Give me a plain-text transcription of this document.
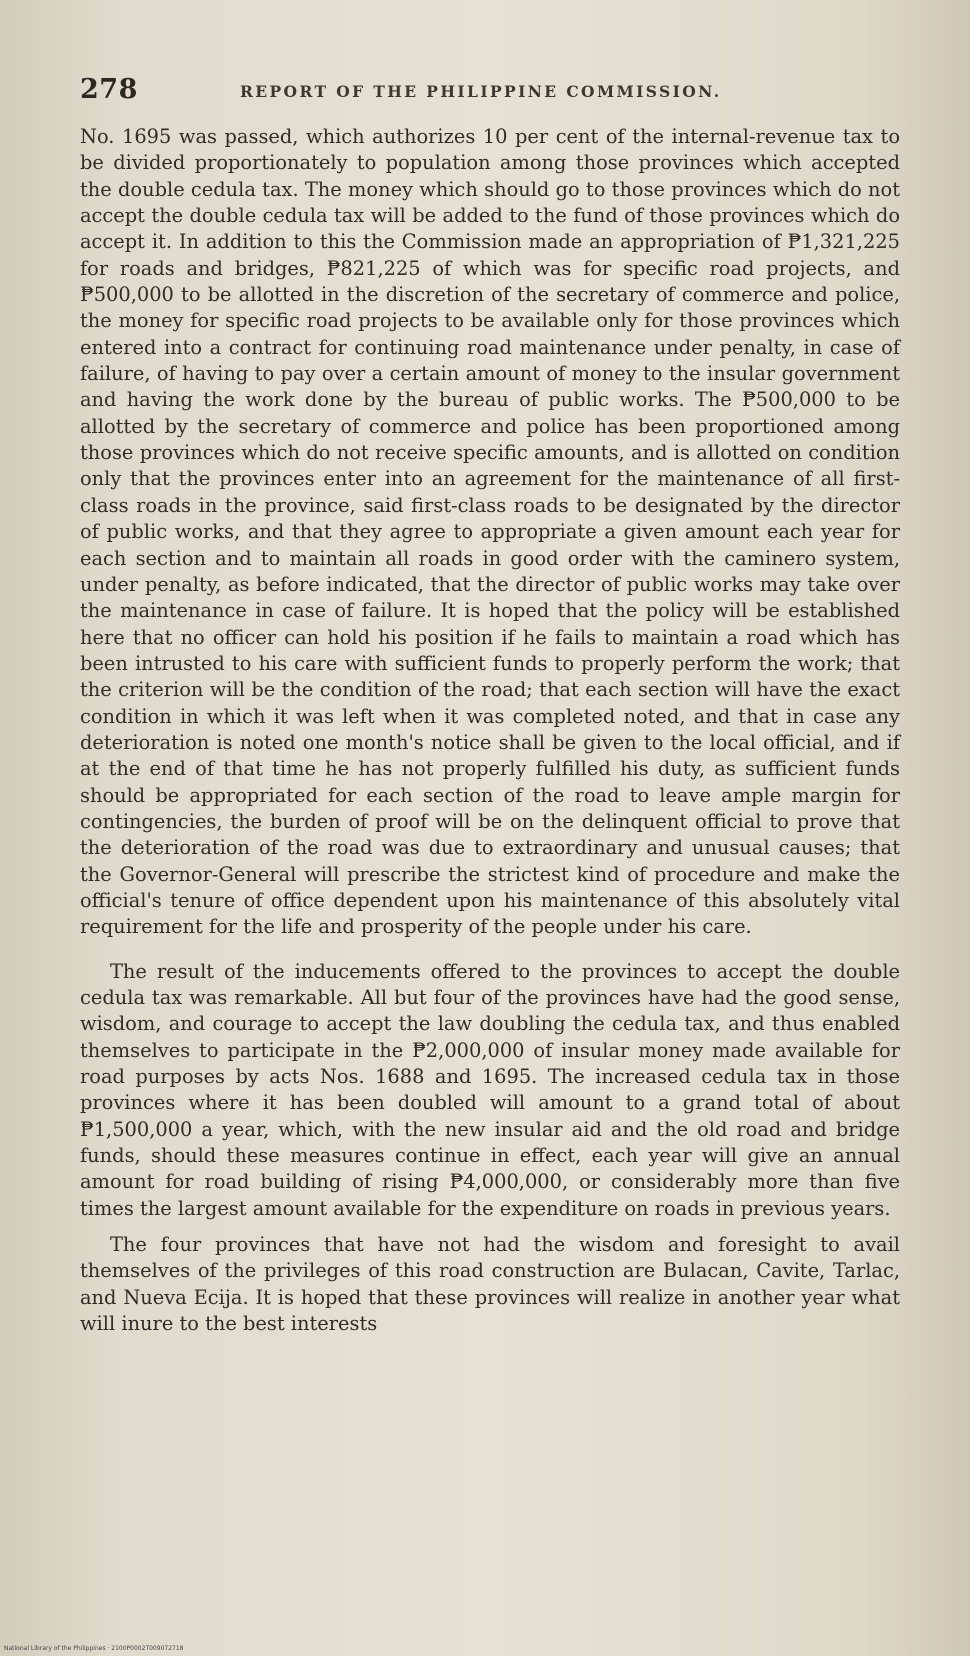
278	REPORT OF THE PHILIPPINE COMMISSION.

No. 1695 was passed, which authorizes 10 per cent of the internal-revenue tax to be divided proportionately to population among those provinces which accepted the double cedula tax. The money which should go to those provinces which do not accept the double cedula tax will be added to the fund of those provinces which do accept it. In addition to this the Commission made an appropriation of ₱1,321,225 for roads and bridges, ₱821,225 of which was for specific road projects, and ₱500,000 to be allotted in the discretion of the secretary of commerce and police, the money for specific road projects to be available only for those provinces which entered into a contract for continuing road maintenance under penalty, in case of failure, of having to pay over a certain amount of money to the insular government and having the work done by the bureau of public works. The ₱500,000 to be allotted by the secretary of commerce and police has been proportioned among those provinces which do not receive specific amounts, and is allotted on condition only that the provinces enter into an agreement for the maintenance of all first-class roads in the province, said first-class roads to be designated by the director of public works, and that they agree to appropriate a given amount each year for each section and to maintain all roads in good order with the caminero system, under penalty, as before indicated, that the director of public works may take over the maintenance in case of failure. It is hoped that the policy will be established here that no officer can hold his position if he fails to maintain a road which has been intrusted to his care with sufficient funds to properly perform the work; that the criterion will be the condition of the road; that each section will have the exact condition in which it was left when it was completed noted, and that in case any deterioration is noted one month's notice shall be given to the local official, and if at the end of that time he has not properly fulfilled his duty, as sufficient funds should be appropriated for each section of the road to leave ample margin for contingencies, the burden of proof will be on the delinquent official to prove that the deterioration of the road was due to extraordinary and unusual causes; that the Governor-General will prescribe the strictest kind of procedure and make the official's tenure of office dependent upon his maintenance of this absolutely vital requirement for the life and prosperity of the people under his care.

The result of the inducements offered to the provinces to accept the double cedula tax was remarkable. All but four of the provinces have had the good sense, wisdom, and courage to accept the law doubling the cedula tax, and thus enabled themselves to participate in the ₱2,000,000 of insular money made available for road purposes by acts Nos. 1688 and 1695. The increased cedula tax in those provinces where it has been doubled will amount to a grand total of about ₱1,500,000 a year, which, with the new insular aid and the old road and bridge funds, should these measures continue in effect, each year will give an annual amount for road building of rising ₱4,000,000, or considerably more than five times the largest amount available for the expenditure on roads in previous years.

The four provinces that have not had the wisdom and foresight to avail themselves of the privileges of this road construction are Bulacan, Cavite, Tarlac, and Nueva Ecija. It is hoped that these provinces will realize in another year what will inure to the best interests

National Library of the Philippines · 2100P0002T009072718
